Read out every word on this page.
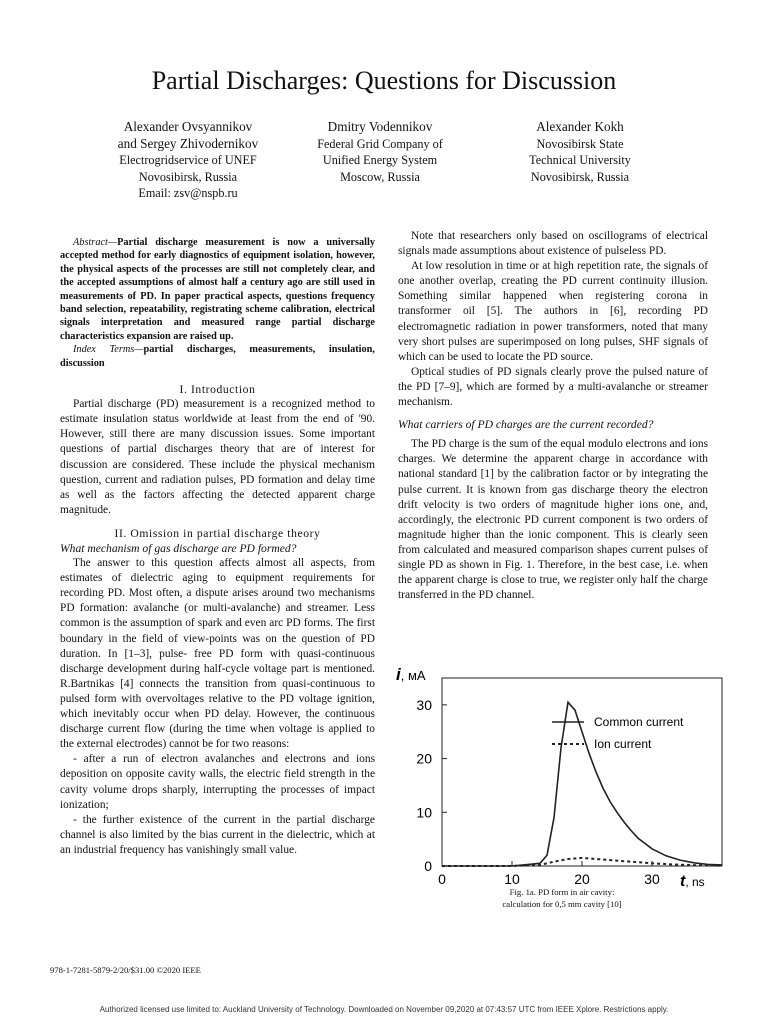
Partial Discharges: Questions for Discussion
Alexander Ovsyannikov
and Sergey Zhivodernikov
Electrogridservice of UNEF
Novosibirsk, Russia
Email: zsv@nspb.ru
Dmitry Vodennikov
Federal Grid Company of
Unified Energy System
Moscow, Russia
Alexander Kokh
Novosibirsk State
Technical University
Novosibirsk, Russia
Abstract—Partial discharge measurement is now a universally accepted method for early diagnostics of equipment isolation, however, the physical aspects of the processes are still not completely clear, and the accepted assumptions of almost half a century ago are still used in measurements of PD. In paper practical aspects, questions frequency band selection, repeatability, registrating scheme calibration, electrical signals interpretation and measured range partial discharge characteristics expansion are raised up.
Index Terms—partial discharges, measurements, insulation, discussion

I. Introduction

Partial discharge (PD) measurement is a recognized method to estimate insulation status worldwide at least from the end of '90. However, still there are many discussion issues. Some important questions of partial discharges theory that are of interest for discussion are considered. These include the physical mechanism question, current and radiation pulses, PD formation and delay time as well as the factors affecting the detected apparent charge magnitude.

II. Omission in partial discharge theory

What mechanism of gas discharge are PD formed?

The answer to this question affects almost all aspects, from estimates of dielectric aging to equipment requirements for recording PD. Most often, a dispute arises around two mechanisms PD formation: avalanche (or multi-avalanche) and streamer. Less common is the assumption of spark and even arc PD forms. The first boundary in the field of view-points was on the question of PD duration. In [1–3], pulse- free PD form with quasi-continuous discharge development during half-cycle voltage part is mentioned. R.Bartnikas [4] connects the transition from quasi-continuous to pulsed form with overvoltages relative to the PD voltage ignition, which inevitably occur when PD delay. However, the continuous discharge current flow (during the time when voltage is applied to the external electrodes) cannot be for two reasons:

- after a run of electron avalanches and electrons and ions deposition on opposite cavity walls, the electric field strength in the cavity volume drops sharply, interrupting the processes of impact ionization;
- the further existence of the current in the partial discharge channel is also limited by the bias current in the dielectric, which at an industrial frequency has vanishingly small value.

Note that researchers only based on oscillograms of electrical signals made assumptions about existence of pulseless PD.

At low resolution in time or at high repetition rate, the signals of one another overlap, creating the PD current continuity illusion. Something similar happened when registering corona in transformer oil [5]. The authors in [6], recording PD electromagnetic radiation in power transformers, noted that many very short pulses are superimposed on long pulses, SHF signals of which can be used to locate the PD source.

Optical studies of PD signals clearly prove the pulsed nature of the PD [7–9], which are formed by a multi-avalanche or streamer mechanism.

What carriers of PD charges are the current recorded?

The PD charge is the sum of the equal modulo electrons and ions charges. We determine the apparent charge in accordance with national standard [1] by the calibration factor or by integrating the pulse current. It is known from gas discharge theory the electron drift velocity is two orders of magnitude higher ions one, and, accordingly, the electronic PD current component is two orders of magnitude higher than the ionic component. This is clearly seen from calculated and measured comparison shapes current pulses of single PD as shown in Fig. 1. Therefore, in the best case, i.e. when the apparent charge is close to true, we register only half the charge transferred in the PD channel.

0
10
20
30
0	10	20	30
i, мA
t, ns
Common current
Ion current
Fig. 1a. PD form in air cavity:
calculation for 0,5 mm cavity [10]
978-1-7281-5879-2/20/$31.00 ©2020 IEEE
Authorized licensed use limited to: Auckland University of Technology. Downloaded on November 09,2020 at 07:43:57 UTC from IEEE Xplore. Restrictions apply.
